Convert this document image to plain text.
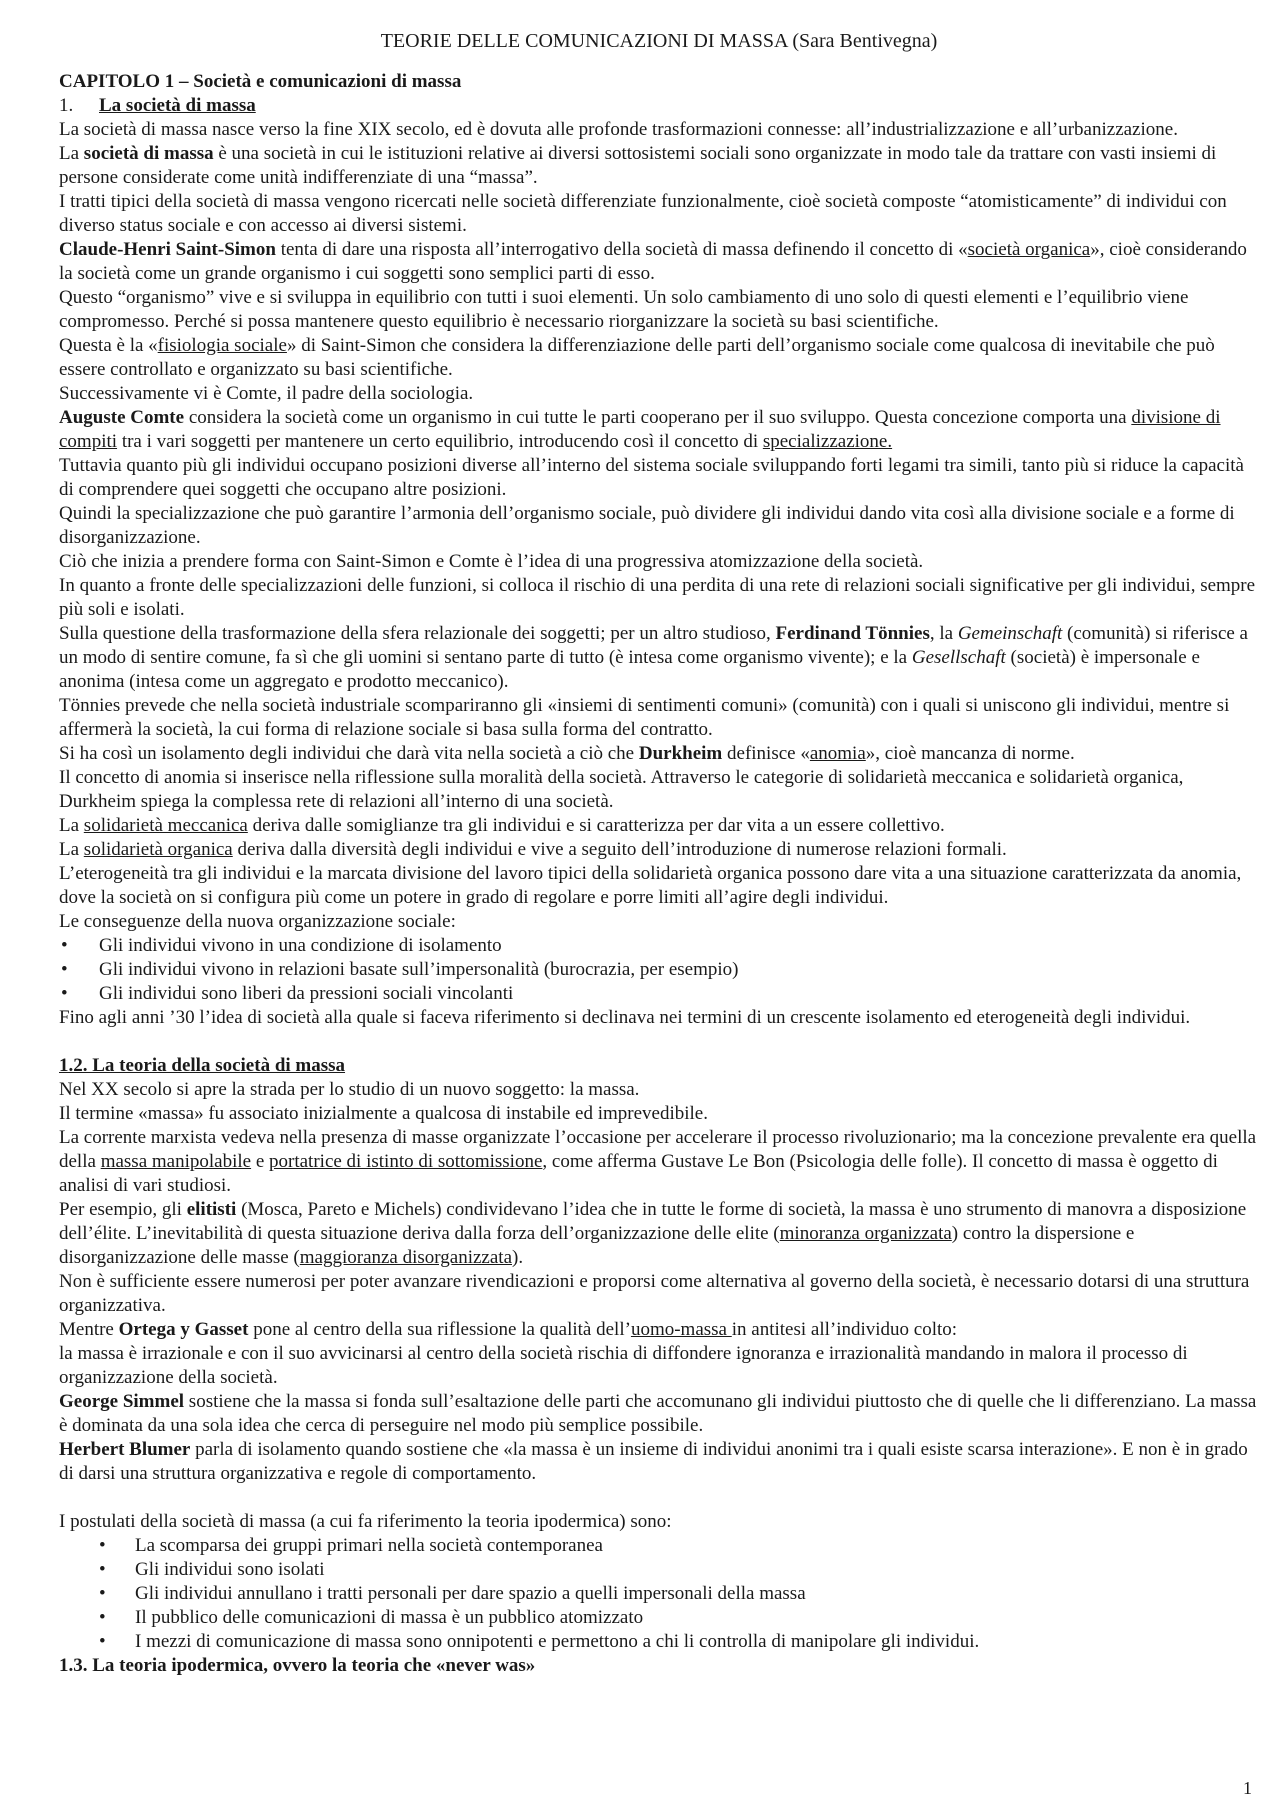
TEORIE DELLE COMUNICAZIONI DI MASSA (Sara Bentivegna)

CAPITOLO 1 – Società e comunicazioni di massa

1. La società di massa

La società di massa nasce verso la fine XIX secolo, ed è dovuta alle profonde trasformazioni connesse: all’industrializzazione e all’urbanizzazione.

La società di massa è una società in cui le istituzioni relative ai diversi sottosistemi sociali sono organizzate in modo tale da trattare con vasti insiemi di persone considerate come unità indifferenziate di una “massa”.

I tratti tipici della società di massa vengono ricercati nelle società differenziate funzionalmente, cioè società composte “atomisticamente” di individui con diverso status sociale e con accesso ai diversi sistemi.

Claude-Henri Saint-Simon tenta di dare una risposta all’interrogativo della società di massa definendo il concetto di «società organica», cioè considerando la società come un grande organismo i cui soggetti sono semplici parti di esso.

Questo “organismo” vive e si sviluppa in equilibrio con tutti i suoi elementi. Un solo cambiamento di uno solo di questi elementi e l’equilibrio viene compromesso. Perché si possa mantenere questo equilibrio è necessario riorganizzare la società su basi scientifiche.

Questa è la «fisiologia sociale» di Saint-Simon che considera la differenziazione delle parti dell’organismo sociale come qualcosa di inevitabile che può essere controllato e organizzato su basi scientifiche.

Successivamente vi è Comte, il padre della sociologia.

Auguste Comte considera la società come un organismo in cui tutte le parti cooperano per il suo sviluppo. Questa concezione comporta una divisione di compiti tra i vari soggetti per mantenere un certo equilibrio, introducendo così il concetto di specializzazione.

Tuttavia quanto più gli individui occupano posizioni diverse all’interno del sistema sociale sviluppando forti legami tra simili, tanto più si riduce la capacità di comprendere quei soggetti che occupano altre posizioni.

Quindi la specializzazione che può garantire l’armonia dell’organismo sociale, può dividere gli individui dando vita così alla divisione sociale e a forme di disorganizzazione.

Ciò che inizia a prendere forma con Saint-Simon e Comte è l’idea di una progressiva atomizzazione della società.

In quanto a fronte delle specializzazioni delle funzioni, si colloca il rischio di una perdita di una rete di relazioni sociali significative per gli individui, sempre più soli e isolati.

Sulla questione della trasformazione della sfera relazionale dei soggetti; per un altro studioso, Ferdinand Tönnies, la Gemeinschaft (comunità) si riferisce a un modo di sentire comune, fa sì che gli uomini si sentano parte di tutto (è intesa come organismo vivente); e la Gesellschaft (società) è impersonale e anonima (intesa come un aggregato e prodotto meccanico).

Tönnies prevede che nella società industriale scompariranno gli «insiemi di sentimenti comuni» (comunità) con i quali si uniscono gli individui, mentre si affermerà la società, la cui forma di relazione sociale si basa sulla forma del contratto.

Si ha così un isolamento degli individui che darà vita nella società a ciò che Durkheim definisce «anomia», cioè mancanza di norme.

Il concetto di anomia si inserisce nella riflessione sulla moralità della società. Attraverso le categorie di solidarietà meccanica e solidarietà organica, Durkheim spiega la complessa rete di relazioni all’interno di una società.

La solidarietà meccanica deriva dalle somiglianze tra gli individui e si caratterizza per dar vita a un essere collettivo.

La solidarietà organica deriva dalla diversità degli individui e vive a seguito dell’introduzione di numerose relazioni formali.

L’eterogeneità tra gli individui e la marcata divisione del lavoro tipici della solidarietà organica possono dare vita a una situazione caratterizzata da anomia, dove la società on si configura più come un potere in grado di regolare e porre limiti all’agire degli individui.

Le conseguenze della nuova organizzazione sociale:

• Gli individui vivono in una condizione di isolamento
• Gli individui vivono in relazioni basate sull’impersonalità (burocrazia, per esempio)
• Gli individui sono liberi da pressioni sociali vincolanti

Fino agli anni ’30 l’idea di società alla quale si faceva riferimento si declinava nei termini di un crescente isolamento ed eterogeneità degli individui.

1.2. La teoria della società di massa

Nel XX secolo si apre la strada per lo studio di un nuovo soggetto: la massa.

Il termine «massa» fu associato inizialmente a qualcosa di instabile ed imprevedibile.

La corrente marxista vedeva nella presenza di masse organizzate l’occasione per accelerare il processo rivoluzionario; ma la concezione prevalente era quella della massa manipolabile e portatrice di istinto di sottomissione, come afferma Gustave Le Bon (Psicologia delle folle). Il concetto di massa è oggetto di analisi di vari studiosi.

Per esempio, gli elitisti (Mosca, Pareto e Michels) condividevano l’idea che in tutte le forme di società, la massa è uno strumento di manovra a disposizione dell’élite. L’inevitabilità di questa situazione deriva dalla forza dell’organizzazione delle elite (minoranza organizzata) contro la dispersione e disorganizzazione delle masse (maggioranza disorganizzata).

Non è sufficiente essere numerosi per poter avanzare rivendicazioni e proporsi come alternativa al governo della società, è necessario dotarsi di una struttura organizzativa.

Mentre Ortega y Gasset pone al centro della sua riflessione la qualità dell’uomo-massa in antitesi all’individuo colto:

la massa è irrazionale e con il suo avvicinarsi al centro della società rischia di diffondere ignoranza e irrazionalità mandando in malora il processo di organizzazione della società.

George Simmel sostiene che la massa si fonda sull’esaltazione delle parti che accomunano gli individui piuttosto che di quelle che li differenziano. La massa è dominata da una sola idea che cerca di perseguire nel modo più semplice possibile.

Herbert Blumer parla di isolamento quando sostiene che «la massa è un insieme di individui anonimi tra i quali esiste scarsa interazione». E non è in grado di darsi una struttura organizzativa e regole di comportamento.

I postulati della società di massa (a cui fa riferimento la teoria ipodermica) sono:

• La scomparsa dei gruppi primari nella società contemporanea
• Gli individui sono isolati
• Gli individui annullano i tratti personali per dare spazio a quelli impersonali della massa
• Il pubblico delle comunicazioni di massa è un pubblico atomizzato
• I mezzi di comunicazione di massa sono onnipotenti e permettono a chi li controlla di manipolare gli individui.

1.3. La teoria ipodermica, ovvero la teoria che «never was»

1
